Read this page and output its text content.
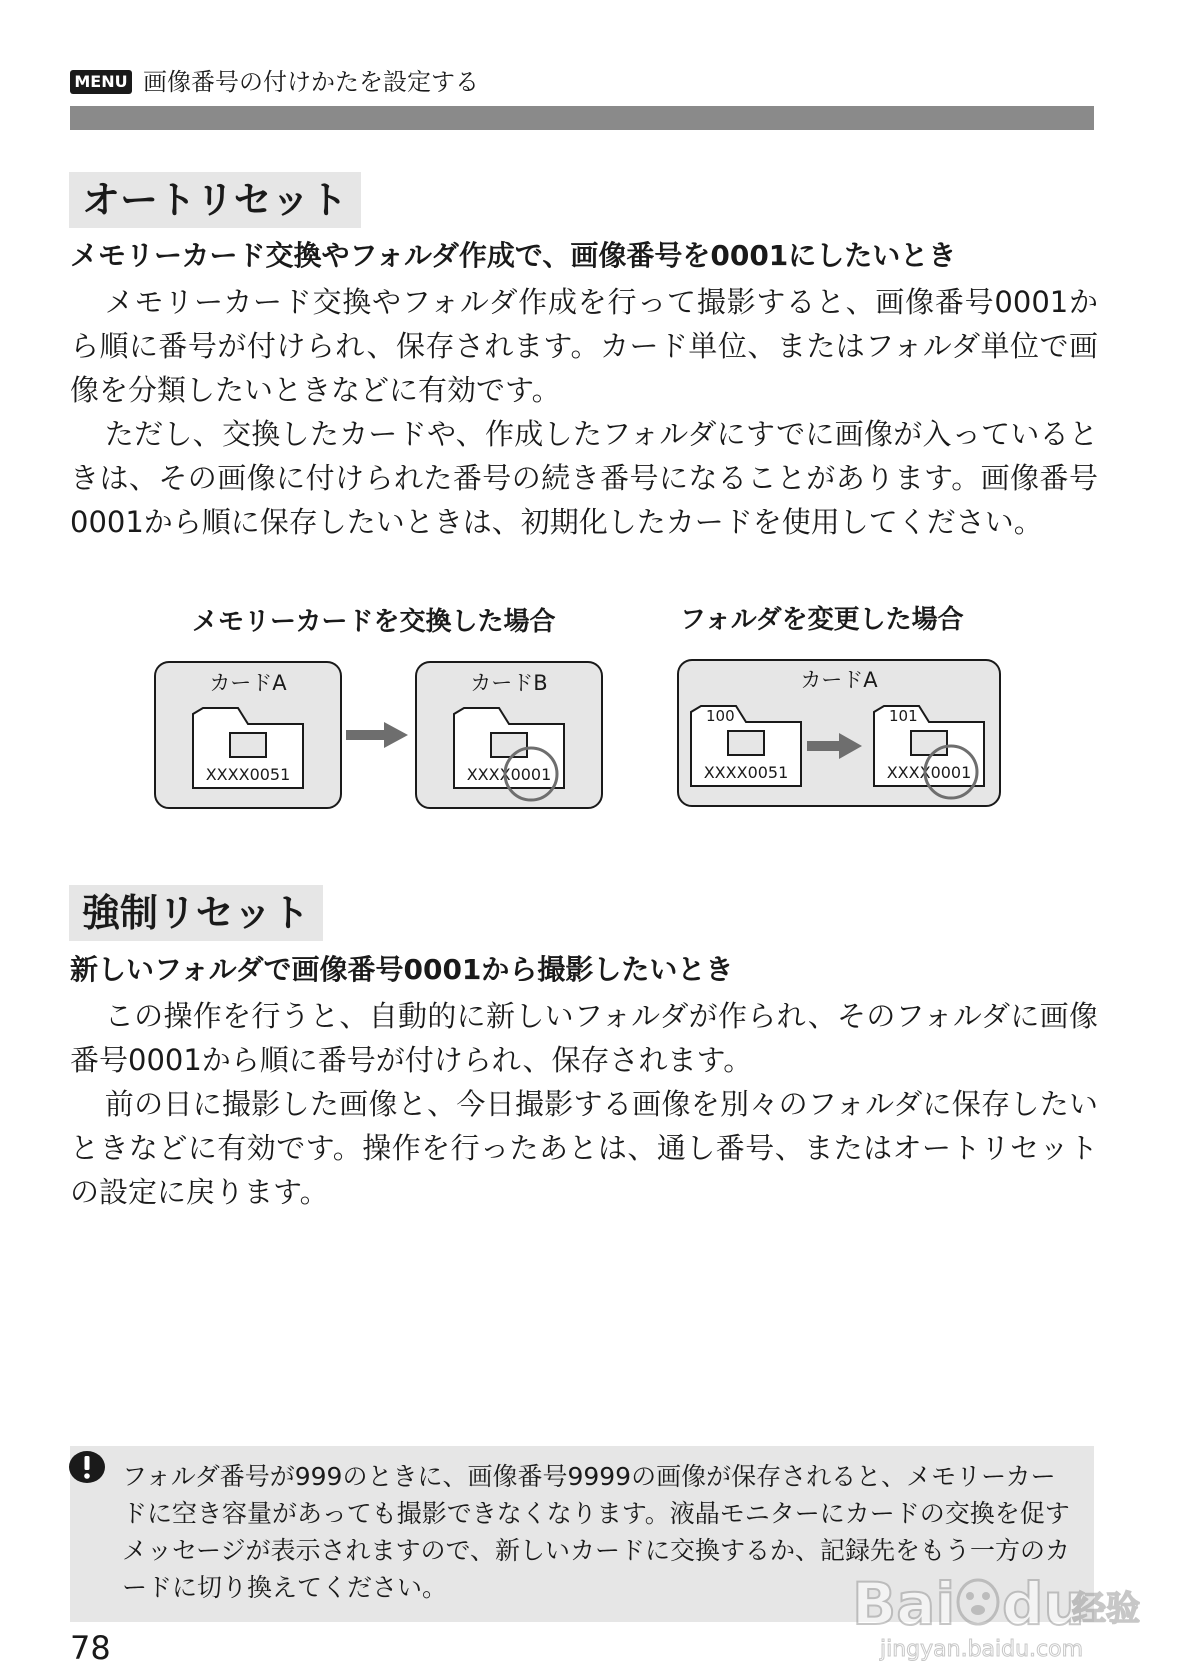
MENU 画像番号の付けかたを設定する
オートリセット
メモリーカード交換やフォルダ作成で、画像番号を0001にしたいとき

メモリーカード交換やフォルダ作成を行って撮影すると、画像番号0001から順に番号が付けられ、保存されます。カード単位、またはフォルダ単位で画像を分類したいときなどに有効です。

ただし、交換したカードや、作成したフォルダにすでに画像が入っているときは、その画像に付けられた番号の続き番号になることがあります。画像番号0001から順に保存したいときは、初期化したカードを使用してください。

メモリーカードを交換した場合	フォルダを変更した場合
カードA
XXXX0051
カードB
XXXX0001
カードA
100
XXXX0051
101
XXXX0001
強制リセット
新しいフォルダで画像番号0001から撮影したいとき

この操作を行うと、自動的に新しいフォルダが作られ、そのフォルダに画像番号0001から順に番号が付けられ、保存されます。

前の日に撮影した画像と、今日撮影する画像を別々のフォルダに保存したいときなどに有効です。操作を行ったあとは、通し番号、またはオートリセットの設定に戻ります。

フォルダ番号が999のときに、画像番号9999の画像が保存されると、メモリーカードに空き容量があっても撮影できなくなります。液晶モニターにカードの交換を促すメッセージが表示されますので、新しいカードに交換するか、記録先をもう一方のカードに切り換えてください。
78
Bai du
经验
jingyan.baidu.com
